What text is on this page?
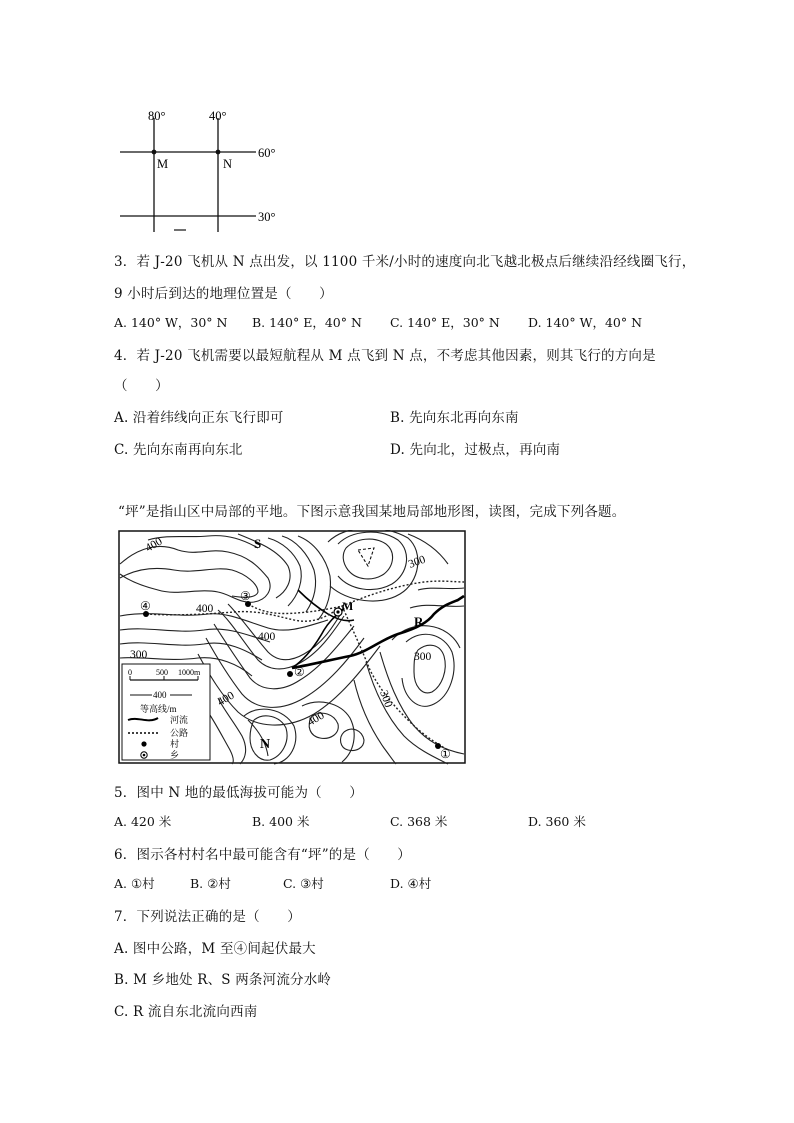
80°	40°
60°
30°
M	N
3．若 J-20 飞机从 N 点出发，以 1100 千米/小时的速度向北飞越北极点后继续沿经线圈飞行，
9 小时后到达的地理位置是（　　）
A. 140° W，30° N B. 140° E，40° N C. 140° E，30° N D. 140° W，40° N
4．若 J-20 飞机需要以最短航程从 M 点飞到 N 点，不考虑其他因素，则其飞行的方向是
（　　）
A. 沿着纬线向正东飞行即可	B. 先向东北再向东南
C. 先向东南再向东北	D. 先向北，过极点，再向南
“坪”是指山区中局部的平地。下图示意我国某地局部地形图，读图，完成下列各题。
400
300
400
400
300
400	300
300
400
S
M
R
N
①
②
③
④
0	500 1000m
400
等高线/m
河流
公路
村
乡
5．图中 N 地的最低海拔可能为（　　）
A. 420 米	B. 400 米	C. 368 米	D. 360 米
6．图示各村村名中最可能含有“坪”的是（　　）
A. ①村	B. ②村	C. ③村	D. ④村
7．下列说法正确的是（　　）
A. 图中公路，M 至④间起伏最大
B. M 乡地处 R、S 两条河流分水岭
C. R 流自东北流向西南
